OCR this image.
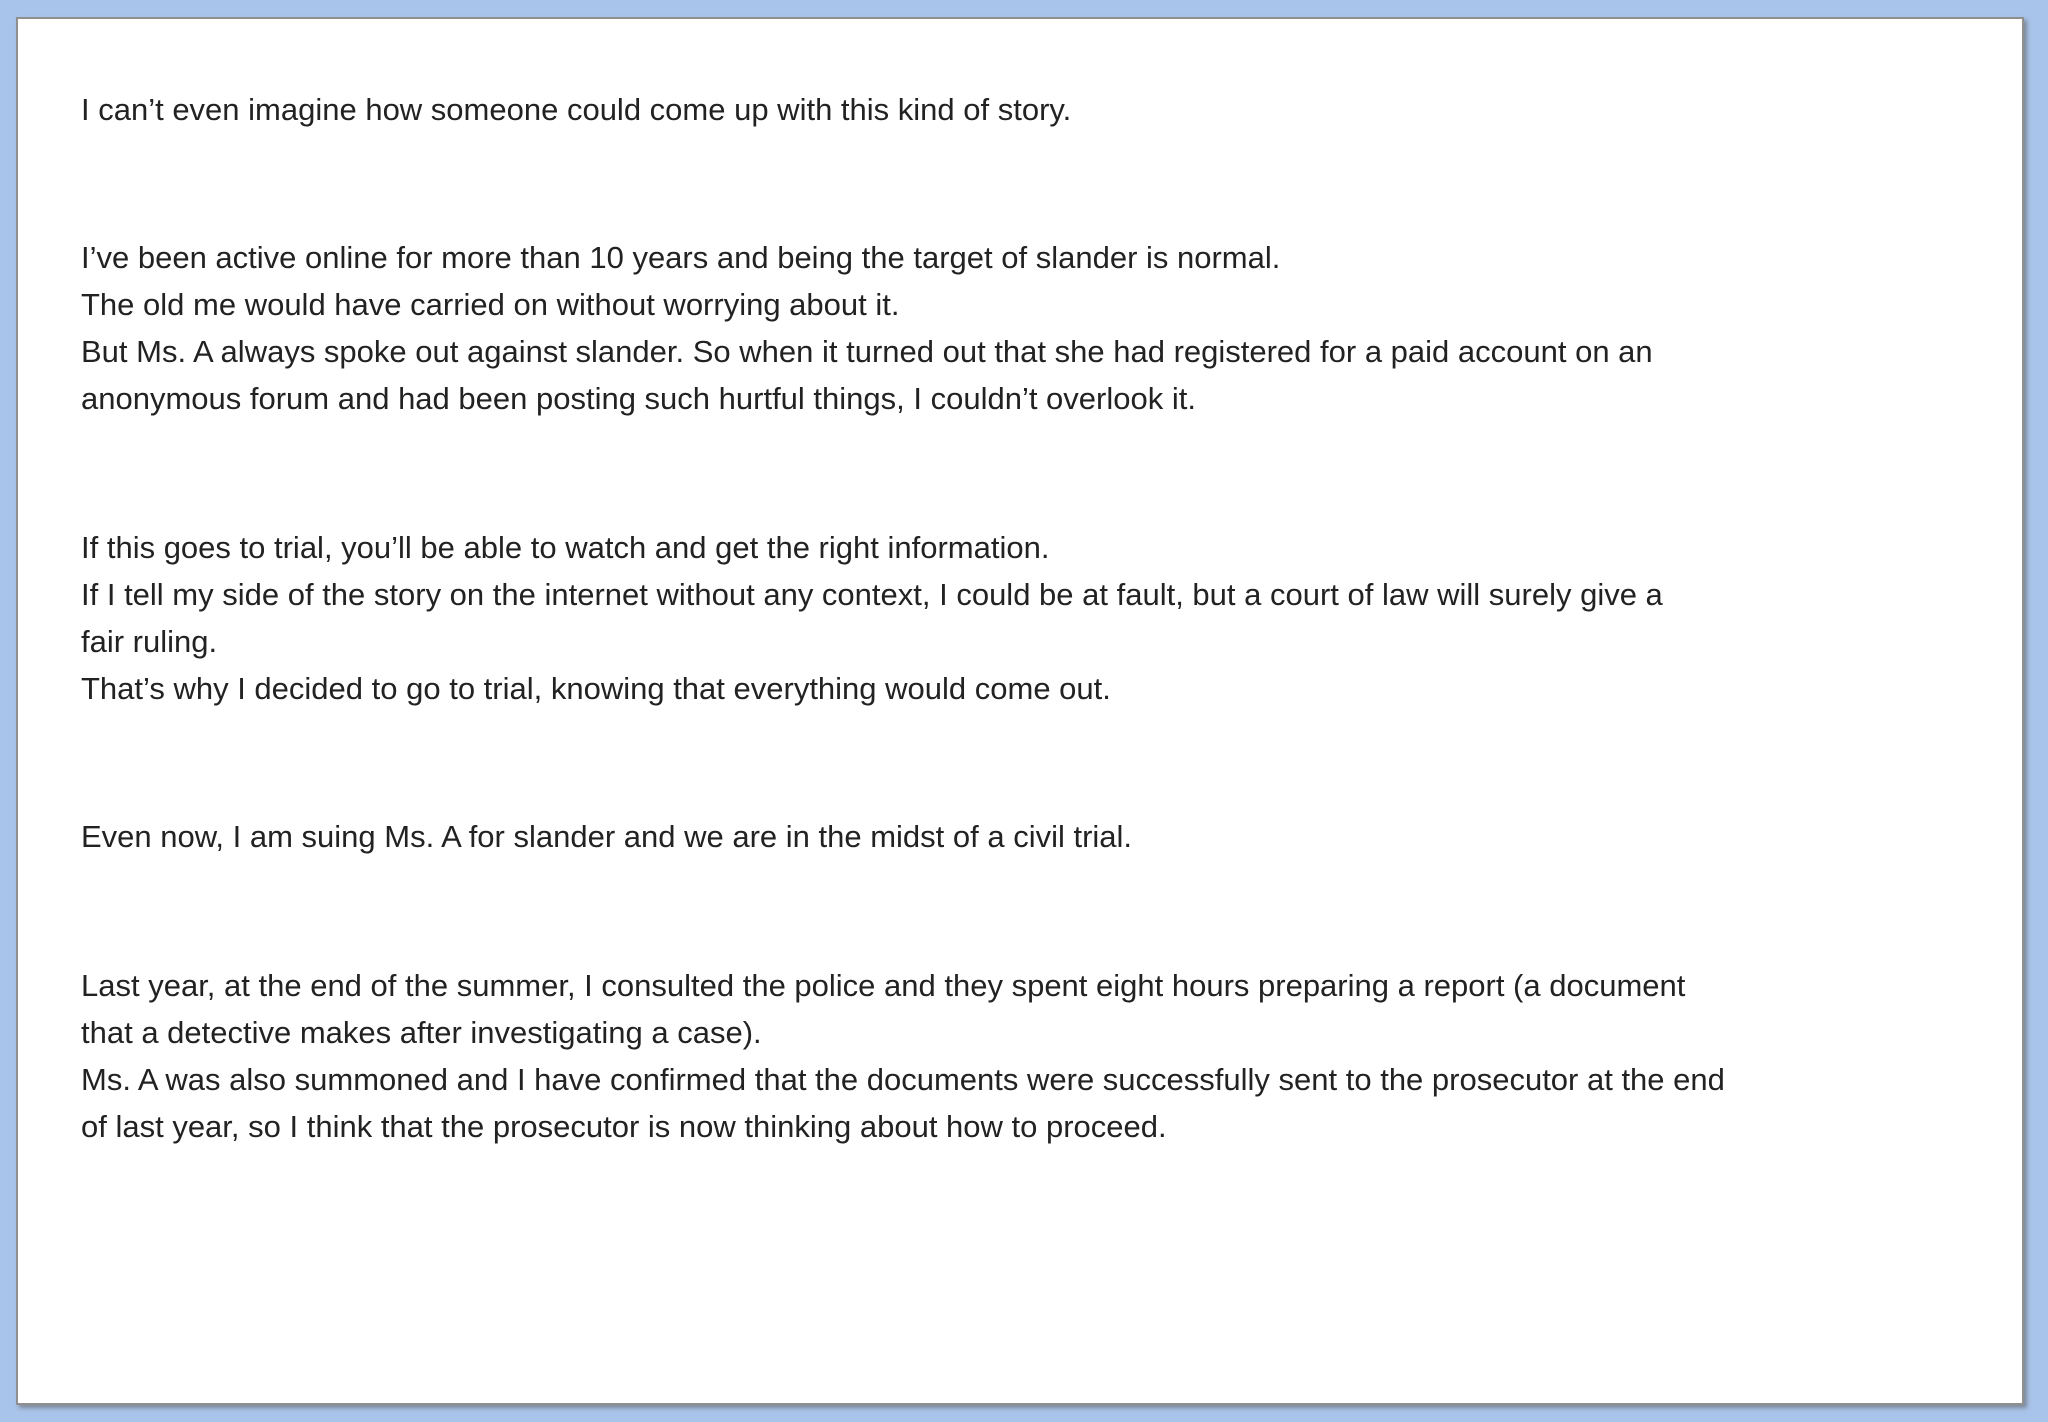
I can’t even imagine how someone could come up with this kind of story.

I’ve been active online for more than 10 years and being the target of slander is normal.

The old me would have carried on without worrying about it.

But Ms. A always spoke out against slander. So when it turned out that she had registered for a paid account on an

anonymous forum and had been posting such hurtful things, I couldn’t overlook it.

If this goes to trial, you’ll be able to watch and get the right information.

If I tell my side of the story on the internet without any context, I could be at fault, but a court of law will surely give a

fair ruling.

That’s why I decided to go to trial, knowing that everything would come out.

Even now, I am suing Ms. A for slander and we are in the midst of a civil trial.

Last year, at the end of the summer, I consulted the police and they spent eight hours preparing a report (a document

that a detective makes after investigating a case).

Ms. A was also summoned and I have confirmed that the documents were successfully sent to the prosecutor at the end

of last year, so I think that the prosecutor is now thinking about how to proceed.
